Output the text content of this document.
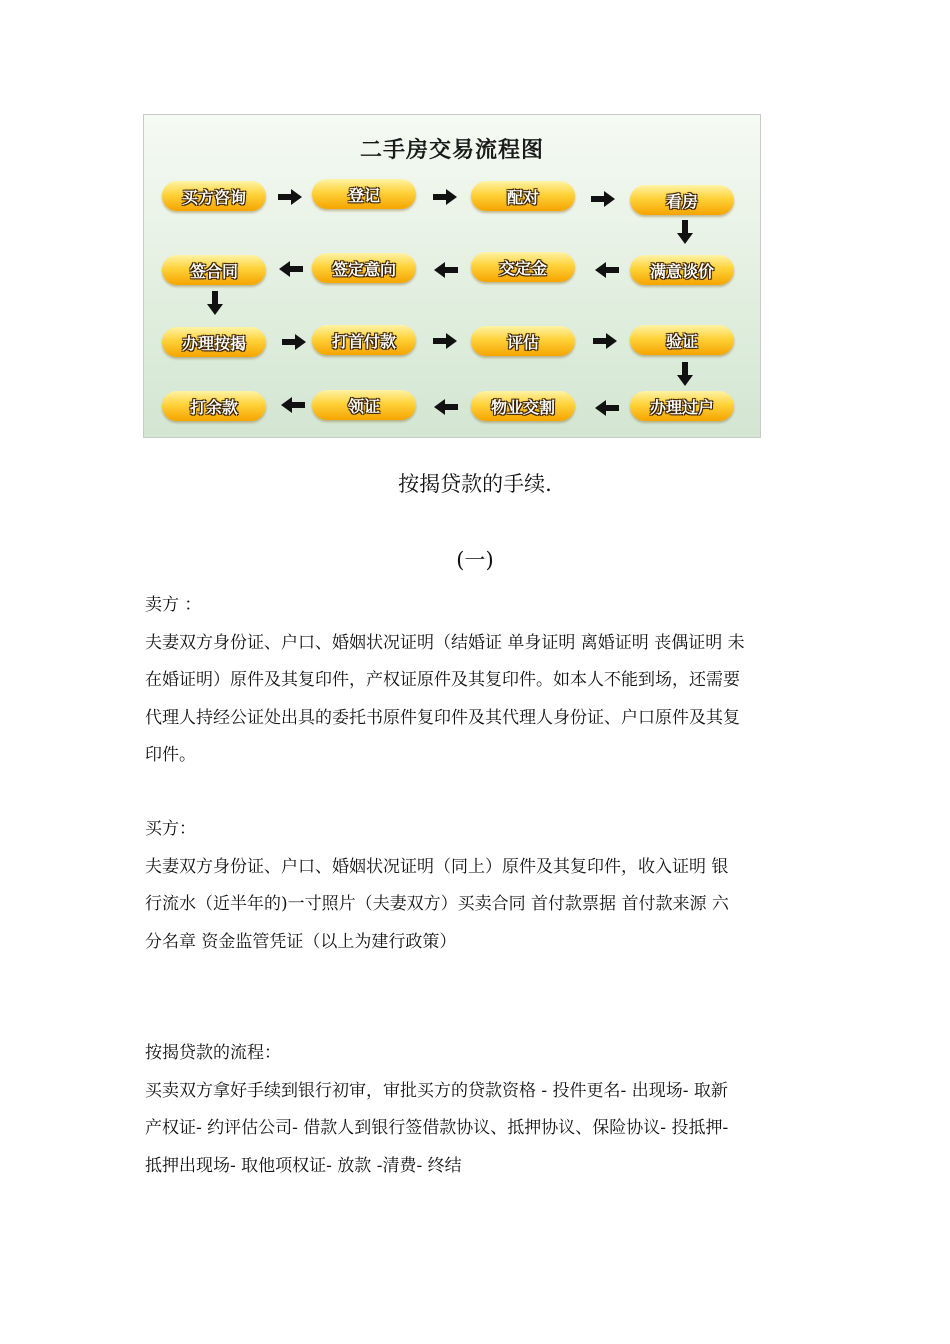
二手房交易流程图
买方咨询	登记	配对	看房
满意谈价
交定金
签定意向
签合同
办理按揭	打首付款	评估	验证
办理过户
物业交割
领证
打余款
按揭贷款的手续.
(一)
卖方 ：
夫妻双方身份证、户口、婚姻状况证明（结婚证 单身证明 离婚证明 丧偶证明 未
在婚证明）原件及其复印件，产权证原件及其复印件。如本人不能到场，还需要
代理人持经公证处出具的委托书原件复印件及其代理人身份证、户口原件及其复
印件。
买方：
夫妻双方身份证、户口、婚姻状况证明（同上）原件及其复印件，收入证明 银
行流水（近半年的)一寸照片（夫妻双方）买卖合同 首付款票据 首付款来源 六
分名章 资金监管凭证（以上为建行政策）
按揭贷款的流程：
买卖双方拿好手续到银行初审，审批买方的贷款资格 - 投件更名- 出现场- 取新
产权证- 约评估公司- 借款人到银行签借款协议、抵押协议、保险协议- 投抵押-
抵押出现场- 取他项权证- 放款 -清费- 终结
